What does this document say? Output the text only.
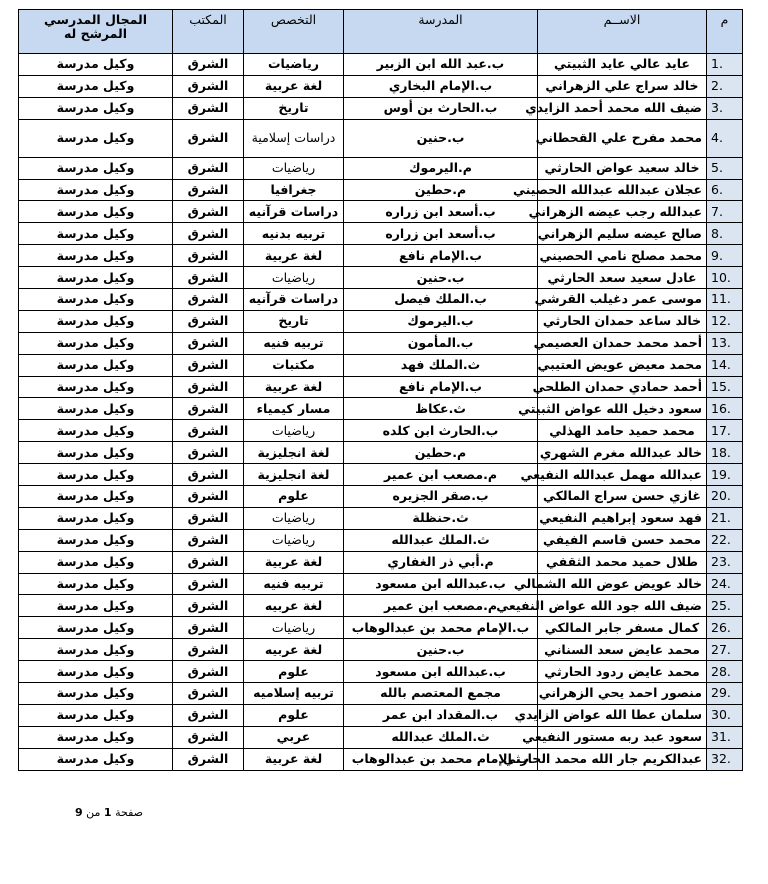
م	الاســم	المدرسة	التخصص	المكتب	المجال المدرسي
المرشح له

1.	عايد عالي عايد الثبيتي	ب.عبد الله ابن الزبير	رياضيات	الشرق	وكيل مدرسة
2.	خالد سراج علي الزهراني	ب.الإمام البخاري	لغة عربية	الشرق	وكيل مدرسة
3.	ضيف الله محمد أحمد الزايدي	ب.الحارث بن أوس	تاريخ	الشرق	وكيل مدرسة
4.	محمد مفرح علي القحطاني	ب.حنين	دراسات إسلامية	الشرق	وكيل مدرسة
5.	خالد سعيد عواض الحارثي	م.اليرموك	رياضيات	الشرق	وكيل مدرسة
6.	عجلان عبدالله عبدالله الحصيني	م.حطين	جغرافيا	الشرق	وكيل مدرسة
7.	عبدالله رجب عيضه الزهراني	ب.أسعد ابن زراره	دراسات قرآنيه	الشرق	وكيل مدرسة
8.	صالح عيضه سليم الزهراني	ب.أسعد ابن زراره	تربيه بدنيه	الشرق	وكيل مدرسة
9.	محمد مصلح نامي الحصيني	ب.الإمام نافع	لغة عربية	الشرق	وكيل مدرسة
10.	عادل سعيد سعد الحارثي	ب.حنين	رياضيات	الشرق	وكيل مدرسة
11.	موسى عمر دغيلب القرشي	ب.الملك فيصل	دراسات قرآنيه	الشرق	وكيل مدرسة
12.	خالد ساعد حمدان الحارثي	ب.اليرموك	تاريخ	الشرق	وكيل مدرسة
13.	أحمد محمد حمدان العصيمي	ب.المأمون	تربيه فنيه	الشرق	وكيل مدرسة
14.	محمد معيض عويض العتيبي	ث.الملك فهد	مكتبات	الشرق	وكيل مدرسة
15.	أحمد حمادي حمدان الطلحي	ب.الإمام نافع	لغة عربية	الشرق	وكيل مدرسة
16.	سعود دخيل الله عواض الثبيتي	ث.عكاظ	مسار كيمياء	الشرق	وكيل مدرسة
17.	محمد حميد حامد الهذلي	ب.الحارث ابن كلده	رياضيات	الشرق	وكيل مدرسة
18.	خالد عبدالله مغرم الشهري	م.حطين	لغة انجليزية	الشرق	وكيل مدرسة
19.	عبدالله مهمل عبدالله النفيعي	م.مصعب ابن عمير	لغة انجليزية	الشرق	وكيل مدرسة
20.	غازي حسن سراج المالكي	ب.صقر الجزيره	علوم	الشرق	وكيل مدرسة
21.	فهد سعود إبراهيم النفيعي	ث.حنظلة	رياضيات	الشرق	وكيل مدرسة
22.	محمد حسن قاسم الفيفي	ث.الملك عبدالله	رياضيات	الشرق	وكيل مدرسة
23.	طلال حميد محمد الثقفي	م.أبي ذر الغفاري	لغة عربية	الشرق	وكيل مدرسة
24.	خالد عويض عوض الله الشمالي	ب.عبدالله ابن مسعود	تربيه فنيه	الشرق	وكيل مدرسة
25.	ضيف الله جود الله عواض النفيعي	م.مصعب ابن عمير	لغة عربيه	الشرق	وكيل مدرسة
26.	كمال مسفر جابر المالكي	ب.الإمام محمد بن عبدالوهاب	رياضيات	الشرق	وكيل مدرسة
27.	محمد عايض سعد السناني	ب.حنين	لغة عربيه	الشرق	وكيل مدرسة
28.	محمد عايض ردود الحارثي	ب.عبدالله ابن مسعود	علوم	الشرق	وكيل مدرسة
29.	منصور احمد يحي الزهراني	مجمع المعتصم بالله	تربيه إسلاميه	الشرق	وكيل مدرسة
30.	سلمان عطا الله عواض الزايدي	ب.المقداد ابن عمر	علوم	الشرق	وكيل مدرسة
31.	سعود عبد ربه مستور النفيعي	ث.الملك عبدالله	عربي	الشرق	وكيل مدرسة
32.	عبدالكريم جار الله محمد الحارثي	ب.الإمام محمد بن عبدالوهاب	لغة عربية	الشرق	وكيل مدرسة
صفحة 1 من 9
